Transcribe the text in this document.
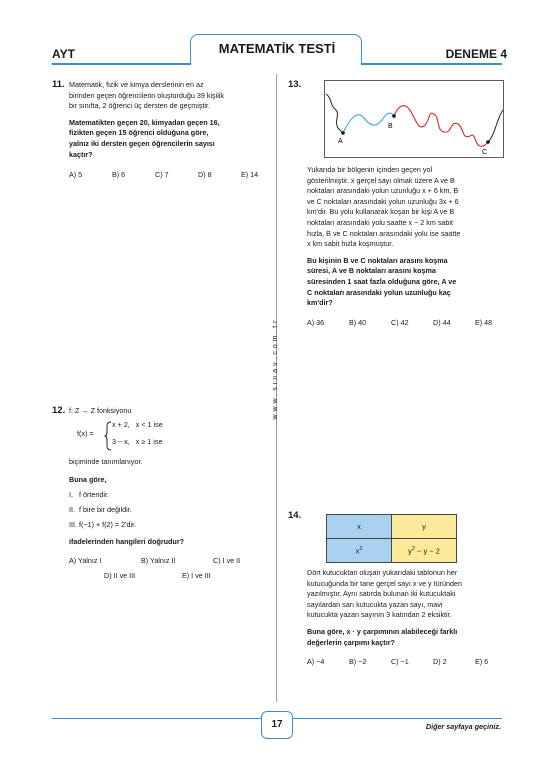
AYT	MATEMATİK TESTİ	DENEME 4
w w w . s i n a v . c o m . t r
11. Matematik, fizik ve kimya derslerinin en az

birinden geçen öğrencilerin oluşturduğu 39 kişilik

bir sınıfta, 2 öğrenci üç dersten de geçmiştir.

Matematikten geçen 20, kimyadan geçen 16,

fizikten geçen 15 öğrenci olduğuna göre,

yalnız iki dersten geçen öğrencilerin sayısı

kaçtır?

A) 5	B) 6	C) 7	D) 8	E) 14
12. f: Z → Z fonksiyonu

f(x) =
x + 2,   x < 1 ise
3 − x,   x ≥ 1 ise

biçiminde tanımlanıyor.

Buna göre,

I.   f örtendir.
II.  f bire bir değildir.
III. f(−1) + f(2) = 2'dir.

ifadelerinden hangileri doğrudur?

A) Yalnız I	B) Yalnız II	C) I ve II
D) II ve III	E) I ve III
13.
A
B
C

Yukarıda bir bölgenin içinden geçen yol

gösterilmiştir. x gerçel sayı olmak üzere A ve B

noktaları arasındaki yolun uzunluğu x + 6 km, B

ve C noktaları arasındaki yolun uzunluğu 3x + 6

km'dir. Bu yolu kullanarak koşan bir kişi A ve B

noktaları arasındaki yolu saatte x − 2 km sabit

hızla, B ve C noktaları arasındaki yolu ise saatte

x km sabit hızla koşmuştur.

Bu kişinin B ve C noktaları arasını koşma

süresi, A ve B noktaları arasını koşma

süresinden 1 saat fazla olduğuna göre, A ve

C noktaları arasındaki yolun uzunluğu kaç

km'dir?

A) 36	B) 40	C) 42	D) 44	E) 48
14.
x	y
$x^2$	$y^2 - y - 2$

Dört kutucuktan oluşan yukarıdaki tablonun her

kutucuğunda bir tane gerçel sayı x ve y türünden

yazılmıştır. Aynı satırda bulunan iki kutucuktaki

sayılardan sarı kutucukta yazan sayı, mavi

kutucukta yazan sayının 3 katından 2 eksiktir.

Buna göre, x · y çarpımının alabileceği farklı

değerlerin çarpımı kaçtır?

A) −4	B) −2	C) −1	D) 2	E) 6
17	Diğer sayfaya geçiniz.
